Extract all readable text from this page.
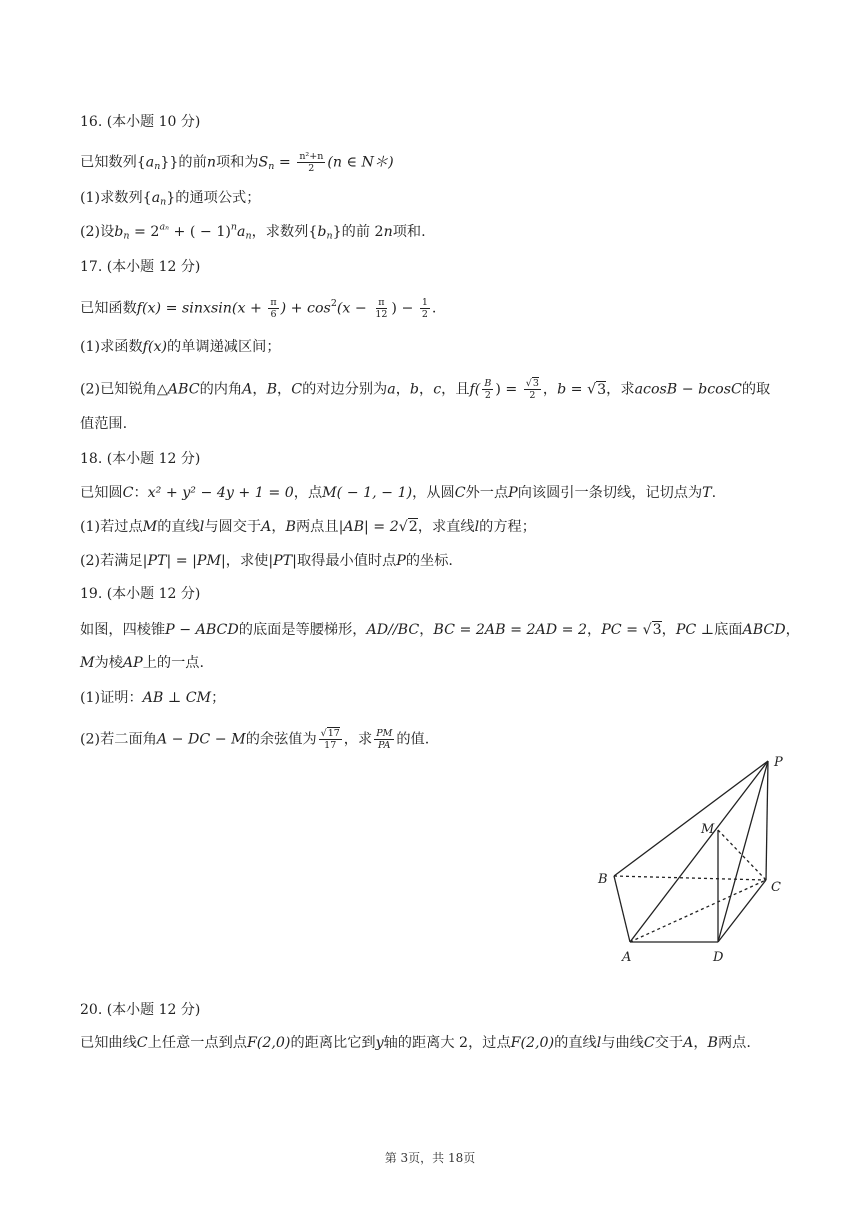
16. (本小题 10 分)
已知数列$\{a_n\}$}的前n项和为$S_n = \frac{\text{n²+n}}{2} (n$ ∈ N＊)
(1)求数列$\{a_n\}$的通项公式；
(2)设$b_n = 2^{a_n}$ + ( − $1)^na_n$，求数列$\{b_n\}$的前 2n项和.
17. (本小题 12 分)
已知函数f(x) = sinxsin(x + $\frac{\pi}{6}$ ) + $\cos^2(x - \frac{\pi}{12}$ ) − $\frac{1}{2}$ .
(1)求函数f(x)的单调递减区间；
(2)已知锐角△ABC的内角A，B，C的对边分别为a，b，c，且$f( \frac{B}{2}$ ) = $\frac{√3}{2}$ ，b = √3，求acosB − bcosC的取
值范围.
18. (本小题 12 分)
已知圆C：x² + y² − 4y + 1 = 0，点M( − 1, − 1)，从圆C外一点P向该圆引一条切线，记切点为T.
(1)若过点M的直线l与圆交于A，B两点且|AB| = 2√2，求直线l的方程；
(2)若满足|PT| = |PM|，求使|PT|取得最小值时点P的坐标.
19. (本小题 12 分)
如图，四棱锥P − ABCD的底面是等腰梯形，AD//BC，BC = 2AB = 2AD = 2，PC = √3，PC ⊥底面ABCD，
M为棱AP上的一点.
(1)证明：AB ⊥ CM；
(2)若二面角A − DC − M的余弦值为 $\frac{√17}{17}$ ，求 $\frac{PM}{PA}$ 的值.
P
M
B
C
A	D
20. (本小题 12 分)
已知曲线C上任意一点到点F(2,0)的距离比它到y轴的距离大 2，过点F(2,0)的直线l与曲线C交于A，B两点.
第 3页，共 18页
